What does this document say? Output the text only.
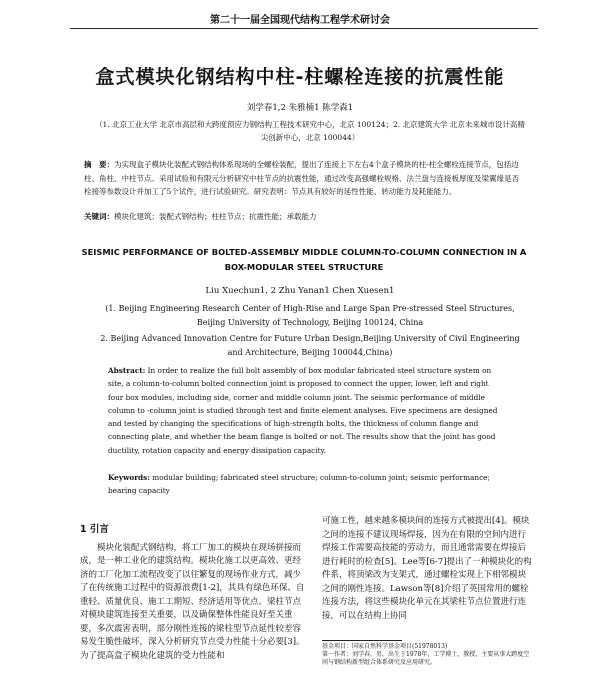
第二十一届全国现代结构工程学术研讨会
盒式模块化钢结构中柱-柱螺栓连接的抗震性能
刘学春1,2 朱雅楠1 陈学森1
（1. 北京工业大学 北京市高层和大跨度预应力钢结构工程技术研究中心，北京 100124；2. 北京建筑大学 北京未来城市设计高精尖创新中心，北京 100044）
摘　要：为实现盒子模块化装配式钢结构体系现场的全螺栓装配，提出了连接上下左右4个盒子模块的柱-柱全螺栓连接节点，包括边柱、角柱、中柱节点。采用试验和有限元分析研究中柱节点的抗震性能，通过改变高强螺栓规格、法兰盘与连接板厚度及梁翼缘是否栓接等参数设计并加工了5个试件，进行试验研究。研究表明：节点具有较好的延性性能、转动能力及耗能能力。
关键词：模块化建筑；装配式钢结构；柱柱节点；抗震性能；承载能力
SEISMIC PERFORMANCE OF BOLTED-ASSEMBLY MIDDLE COLUMN-TO-COLUMN CONNECTION IN A BOX-MODULAR STEEL STRUCTURE
Liu Xuechun1, 2 Zhu Yanan1 Chen Xuesen1

(1. Beijing Engineering Research Center of High-Rise and Large Span Pre-stressed Steel Structures, Beijing University of Technology, Beijing 100124, China

2. Beijing Advanced Innovation Centre for Future Urban Design,Beijing University of Civil Engineering and Architecture, Beijing 100044,China)

Abstract: In order to realize the full bolt assembly of box modular fabricated steel structure system on site, a column-to-column bolted connection joint is proposed to connect the upper, lower, left and right four box modules, including side, corner and middle column joint. The seismic performance of middle column to -column joint is studied through test and finite element analyses. Five specimens are designed and tested by changing the specifications of high-strength bolts, the thickness of column flange and connecting plate, and whether the beam flange is bolted or not. The results show that the joint has good ductility, rotation capacity and energy dissipation capacity.
Keywords: modular building; fabricated steel structure; column-to-column joint; seismic performance; bearing capacity
1 引言

模块化装配式钢结构，将工厂加工的模块在现场拼接而成，是一种工业化的建筑结构。模块化施工以更高效、更经济的工厂化加工流程改变了以往繁复的现场作业方式，减少了在传统施工过程中的资源浪费[1-2]，其具有绿色环保、自重轻、质量优良、施工工期短、经济适用等优点。梁柱节点对模块建筑连接至关重要，以及确保整体性能良好至关重要，多次震害表明，部分刚性连接的梁柱型节点延性较差容易发生脆性破坏，深入分析研究节点受力性能十分必要[3]。为了提高盒子模块化建筑的受力性能和

可施工性，越来越多模块间的连接方式被提出[4]。模块之间的连接不建议现场焊接，因为在有限的空间内进行焊接工作需要高技能的劳动力，而且通常需要在焊接后进行耗时的检查[5]。Lee等[6-7]提出了一种模块化的构件系，将顶梁改为支架式，通过螺栓实现上下相邻模块之间的刚性连接。Lawson等[8]介绍了英国常用的螺栓连接方法，将这些模块化单元在其梁柱节点位置进行连接，可以在结构上协同

基金项目：国家自然科学基金项目(51978013)
第一作者：刘学春，男，出生于1978年，工学博士，教授，主要从事大跨度空间与钢结构新型组合体系研究及应用研究。
